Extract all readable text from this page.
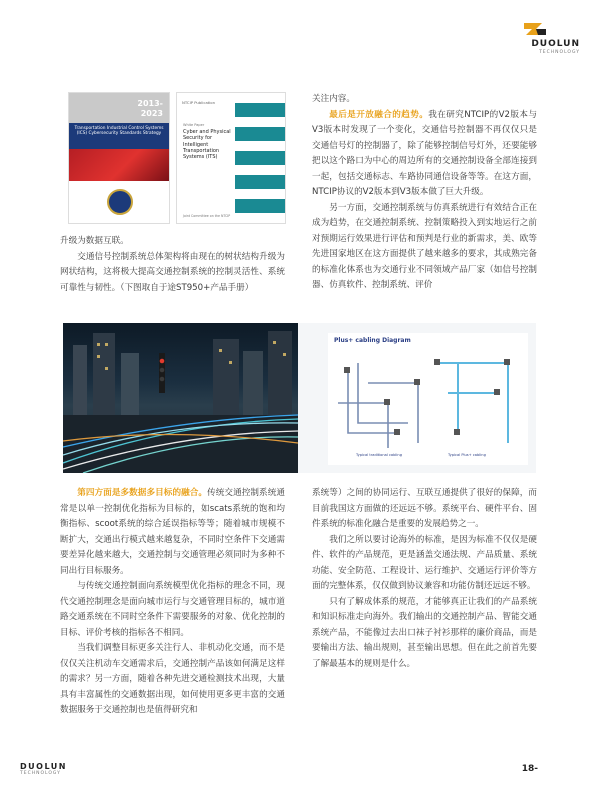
DUOLUN
TECHNOLOGY
2013-
2023
Transportation Industrial Control Systems (ICS) Cybersecurity Standards Strategy
NTCIP Publication
White Paper
Cyber and Physical Security for Intelligent Transportation Systems (ITS)
Joint Committee on the NTCIP

升级为数据互联。

交通信号控制系统总体架构将由现在的树状结构升级为网状结构，这将极大提高交通控制系统的控制灵活性、系统可靠性与韧性。（下图取自于途ST950+产品手册）

关注内容。

最后是开放融合的趋势。我在研究NTCIP的V2版本与V3版本时发现了一个变化，交通信号控制器不再仅仅只是交通信号灯的控制器了，除了能够控制信号灯外，还要能够把以这个路口为中心的周边所有的交通控制设备全部连接到一起，包括交通标志、车路协同通信设备等等。在这方面，NTCIP协议的V2版本到V3版本做了巨大升级。

另一方面，交通控制系统与仿真系统进行有效结合正在成为趋势，在交通控制系统、控制策略投入到实地运行之前对预期运行效果进行评估和预判是行业的新需求，美、欧等先进国家地区在这方面提供了越来越多的要求，其成熟完备的标准化体系也为交通行业不同领域产品厂家（如信号控制器、仿真软件、控制系统、评价

Plus+ cabling Diagram
Typical traditional cabling	Typical Plus+ cabling

第四方面是多数据多目标的融合。传统交通控制系统通常是以单一控制优化指标为目标的，如scats系统的饱和均衡指标、scoot系统的综合延误指标等等；随着城市规模不断扩大，交通出行模式越来越复杂，不同时空条件下交通需要差异化越来越大，交通控制与交通管理必须同时为多种不同出行目标服务。

与传统交通控制面向系统模型优化指标的理念不同，现代交通控制理念是面向城市运行与交通管理目标的，城市道路交通系统在不同时空条件下需要服务的对象、优化控制的目标、评价考核的指标各不相同。

当我们调整目标更多关注行人、非机动化交通，而不是仅仅关注机动车交通需求后，交通控制产品该如何满足这样的需求？另一方面，随着各种先进交通检测技术出现，大量具有丰富属性的交通数据出现，如何使用更多更丰富的交通数据服务于交通控制也是值得研究和

系统等）之间的协同运行、互联互通提供了很好的保障，而目前我国这方面做的还远远不够。系统平台、硬件平台、固件系统的标准化融合是重要的发展趋势之一。

我们之所以要讨论海外的标准，是因为标准不仅仅是硬件、软件的产品规范，更是涵盖交通法规、产品质量、系统功能、安全防范、工程设计、运行维护、交通运行评价等方面的完整体系，仅仅做到协议兼容和功能仿制还远远不够。

只有了解成体系的规范，才能够真正让我们的产品系统和知识标准走向海外。我们输出的交通控制产品、智能交通系统产品，不能像过去出口袜子衬衫那样的廉价商品，而是要输出方法、输出规则，甚至输出思想。但在此之前首先要了解最基本的规则是什么。

DUOLUN
TECHNOLOGY	18-
